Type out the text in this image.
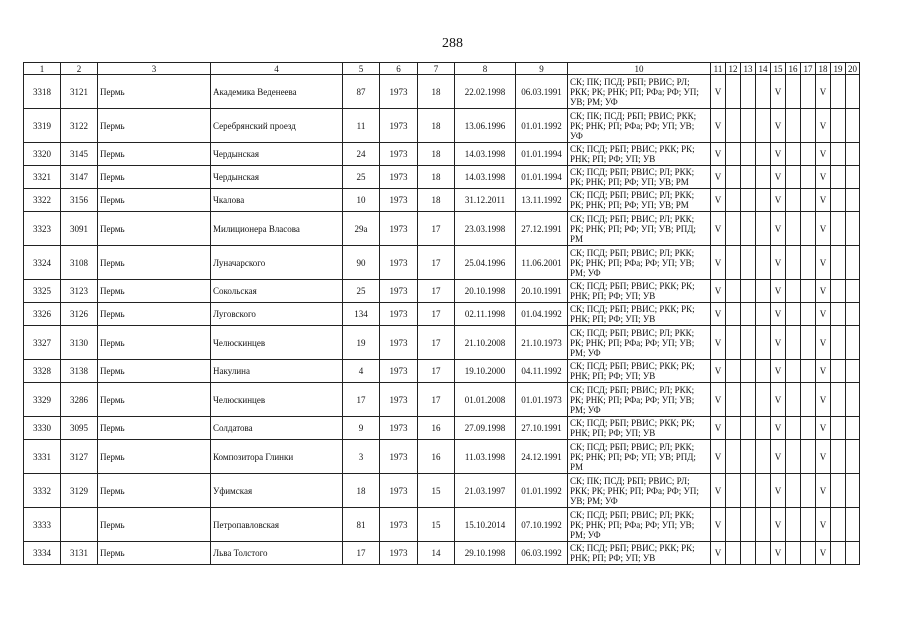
288
1	2	3	4	5	6	7	8	9	10	11	12	13	14	15	16	17	18	19	20
3318	3121	Пермь	Академика Веденеева	87	1973	18	22.02.1998	06.03.1991	СК; ПК; ПСД; РБП; РВИС; РЛ; РКК; РК; РНК; РП; РФа; РФ; УП; УВ; РМ; УФ	V				V			V		
3319	3122	Пермь	Серебрянский проезд	11	1973	18	13.06.1996	01.01.1992	СК; ПК; ПСД; РБП; РВИС; РКК; РК; РНК; РП; РФа; РФ; УП; УВ; УФ	V				V			V		
3320	3145	Пермь	Чердынская	24	1973	18	14.03.1998	01.01.1994	СК; ПСД; РБП; РВИС; РКК; РК; РНК; РП; РФ; УП; УВ	V				V			V		
3321	3147	Пермь	Чердынская	25	1973	18	14.03.1998	01.01.1994	СК; ПСД; РБП; РВИС; РЛ; РКК; РК; РНК; РП; РФ; УП; УВ; РМ	V				V			V		
3322	3156	Пермь	Чкалова	10	1973	18	31.12.2011	13.11.1992	СК; ПСД; РБП; РВИС; РЛ; РКК; РК; РНК; РП; РФ; УП; УВ; РМ	V				V			V		
3323	3091	Пермь	Милиционера Власова	29а	1973	17	23.03.1998	27.12.1991	СК; ПСД; РБП; РВИС; РЛ; РКК; РК; РНК; РП; РФ; УП; УВ; РПД; РМ	V				V			V		
3324	3108	Пермь	Луначарского	90	1973	17	25.04.1996	11.06.2001	СК; ПСД; РБП; РВИС; РЛ; РКК; РК; РНК; РП; РФа; РФ; УП; УВ; РМ; УФ	V				V			V		
3325	3123	Пермь	Сокольская	25	1973	17	20.10.1998	20.10.1991	СК; ПСД; РБП; РВИС; РКК; РК; РНК; РП; РФ; УП; УВ	V				V			V		
3326	3126	Пермь	Луговского	134	1973	17	02.11.1998	01.04.1992	СК; ПСД; РБП; РВИС; РКК; РК; РНК; РП; РФ; УП; УВ	V				V			V		
3327	3130	Пермь	Челюскинцев	19	1973	17	21.10.2008	21.10.1973	СК; ПСД; РБП; РВИС; РЛ; РКК; РК; РНК; РП; РФа; РФ; УП; УВ; РМ; УФ	V				V			V		
3328	3138	Пермь	Накулина	4	1973	17	19.10.2000	04.11.1992	СК; ПСД; РБП; РВИС; РКК; РК; РНК; РП; РФ; УП; УВ	V				V			V		
3329	3286	Пермь	Челюскинцев	17	1973	17	01.01.2008	01.01.1973	СК; ПСД; РБП; РВИС; РЛ; РКК; РК; РНК; РП; РФа; РФ; УП; УВ; РМ; УФ	V				V			V		
3330	3095	Пермь	Солдатова	9	1973	16	27.09.1998	27.10.1991	СК; ПСД; РБП; РВИС; РКК; РК; РНК; РП; РФ; УП; УВ	V				V			V		
3331	3127	Пермь	Композитора Глинки	3	1973	16	11.03.1998	24.12.1991	СК; ПСД; РБП; РВИС; РЛ; РКК; РК; РНК; РП; РФ; УП; УВ; РПД; РМ	V				V			V		
3332	3129	Пермь	Уфимская	18	1973	15	21.03.1997	01.01.1992	СК; ПК; ПСД; РБП; РВИС; РЛ; РКК; РК; РНК; РП; РФа; РФ; УП; УВ; РМ; УФ	V				V			V		
3333		Пермь	Петропавловская	81	1973	15	15.10.2014	07.10.1992	СК; ПСД; РБП; РВИС; РЛ; РКК; РК; РНК; РП; РФа; РФ; УП; УВ; РМ; УФ	V				V			V		
3334	3131	Пермь	Льва Толстого	17	1973	14	29.10.1998	06.03.1992	СК; ПСД; РБП; РВИС; РКК; РК; РНК; РП; РФ; УП; УВ	V				V			V		
